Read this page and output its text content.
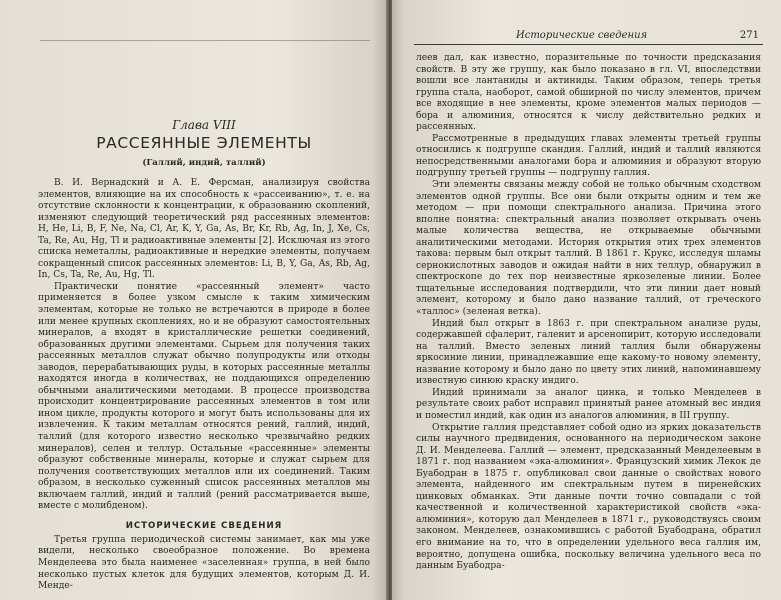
Глава VIII

РАССЕЯННЫЕ ЭЛЕМЕНТЫ

(Галлий, индий, таллий)

В. И. Вернадский и А. Е. Ферсман, анализируя свойства элементов, влияющие на их способность к «рассеиванию», т. е. на отсутствие склонности к концентрации, к образованию скоплений, изменяют следующий теоретический ряд рассеянных элементов: H, He, Li, B, F, Ne, Na, Cl, Ar, K, Y, Ga, As, Br, Kr, Rb, Ag, In, J, Xe, Cs, Ta, Re, Au, Hg, Tl и радиоактивные элементы [2]. Исключая из этого списка неметаллы, радиоактивные и нередкие элементы, получаем сокращенный список рассеянных элементов: Li, B, Y, Ga, As, Rb, Ag, In, Cs, Ta, Re, Au, Hg, Tl.

Практически понятие «рассеянный элемент» часто применяется в более узком смысле к таким химическим элементам, которые не только не встречаются в природе в более или менее крупных скоплениях, но и не образуют самостоятельных минералов, а входят в кристаллические решетки соединений, образованных другими элементами. Сырьем для получения таких рассеянных металлов служат обычно полупродукты или отходы заводов, перерабатывающих руды, в которых рассеянные металлы находятся иногда в количествах, не поддающихся определению обычными аналитическими методами. В процессе производства происходит концентрирование рассеянных элементов в том или ином цикле, продукты которого и могут быть использованы для их извлечения. К таким металлам относятся рений, галлий, индий, таллий (для которого известно несколько чрезвычайно редких минералов), селен и теллур. Остальные «рассеянные» элементы образуют собственные минералы, которые и служат сырьем для получения соответствующих металлов или их соединений. Таким образом, в несколько суженный список рассеянных металлов мы включаем галлий, индий и таллий (рений рассматривается выше, вместе с молибденом).

ИСТОРИЧЕСКИЕ СВЕДЕНИЯ

Третья группа периодической системы занимает, как мы уже видели, несколько своеобразное положение. Во времена Менделеева это была наименее «заселенная» группа, в ней было несколько пустых клеток для будущих элементов, которым Д. И. Менде-

Исторические сведения	271

леев дал, как известно, поразительные по точности предсказания свойств. В эту же группу, как было показано в гл. VI, впоследствии вошли все лантаниды и актиниды. Таким образом, теперь третья группа стала, наоборот, самой обширной по числу элементов, причем все входящие в нее элементы, кроме элементов малых периодов — бора и алюминия, относятся к числу действительно редких и рассеянных.

Рассмотренные в предыдущих главах элементы третьей группы относились к подгруппе скандия. Галлий, индий и таллий являются непосредственными аналогами бора и алюминия и образуют вторую подгруппу третьей группы — подгруппу галлия.

Эти элементы связаны между собой не только обычным сходством элементов одной группы. Все они были открыты одним и тем же методом — при помощи спектрального анализа. Причина этого вполне понятна: спектральный анализ позволяет открывать очень малые количества вещества, не открываемые обычными аналитическими методами. История открытия этих трех элементов такова: первым был открыт таллий. В 1861 г. Крукс, исследуя шламы сернокислотных заводов и ожидая найти в них теллур, обнаружил в спектроскопе до тех пор неизвестные яркозеленые линии. Более тщательные исследования подтвердили, что эти линии дает новый элемент, которому и было дано название таллий, от греческого «таллос» (зеленая ветка).

Индий был открыт в 1863 г. при спектральном анализе руды, содержавшей сфалерит, галенит и арсенопирит, которую исследовали на таллий. Вместо зеленых линий таллия были обнаружены яркосиние линии, принадлежавшие еще какому-то новому элементу, название которому и было дано по цвету этих линий, напоминавшему известную синюю краску индиго.

Индий принимали за аналог цинка, и только Менделеев в результате своих работ исправил принятый ранее атомный вес индия и поместил индий, как один из аналогов алюминия, в III группу.

Открытие галлия представляет собой одно из ярких доказательств силы научного предвидения, основанного на периодическом законе Д. И. Менделеева. Галлий — элемент, предсказанный Менделеевым в 1871 г. под названием «эка-алюминия». Французский химик Лекок де Буабодран в 1875 г. опубликовал свои данные о свойствах нового элемента, найденного им спектральным путем в пиренейских цинковых обманках. Эти данные почти точно совпадали с той качественной и количественной характеристикой свойств «эка-алюминия», которую дал Менделеев в 1871 г., руководствуясь своим законом. Менделеев, ознакомившись с работой Буабодрана, обратил его внимание на то, что в определении удельного веса галлия им, вероятно, допущена ошибка, поскольку величина удельного веса по данным Буабодра-
